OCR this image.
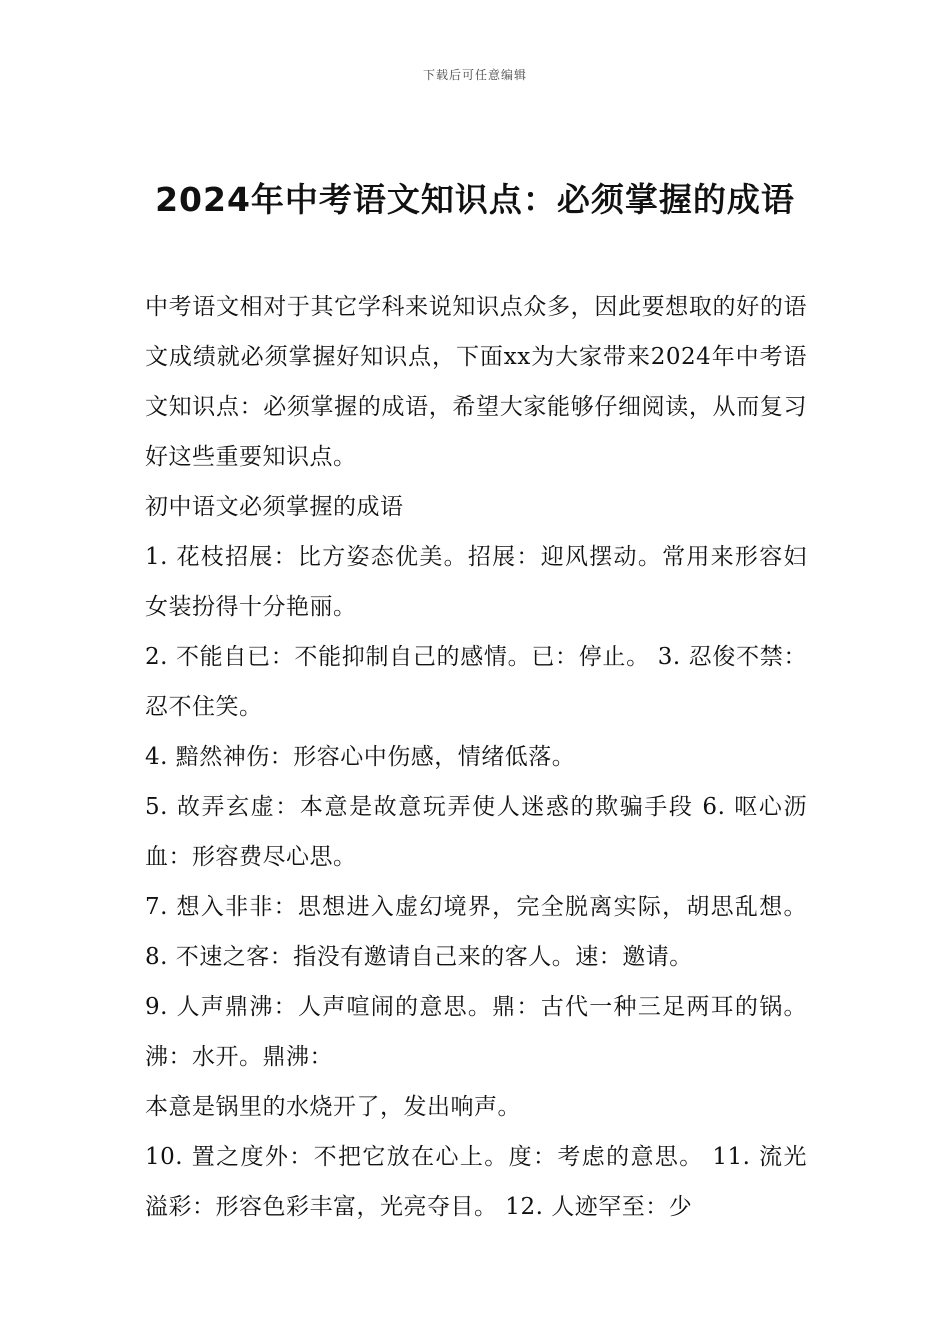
下载后可任意编辑
2024年中考语文知识点：必须掌握的成语

中考语文相对于其它学科来说知识点众多，因此要想取的好的语文成绩就必须掌握好知识点，下面xx为大家带来2024年中考语文知识点：必须掌握的成语，希望大家能够仔细阅读，从而复习好这些重要知识点。

初中语文必须掌握的成语

1. 花枝招展：比方姿态优美。招展：迎风摆动。常用来形容妇女装扮得十分艳丽。

2. 不能自已：不能抑制自己的感情。已：停止。 3. 忍俊不禁：忍不住笑。

4. 黯然神伤：形容心中伤感，情绪低落。

5. 故弄玄虚：本意是故意玩弄使人迷惑的欺骗手段 6. 呕心沥血：形容费尽心思。

7. 想入非非：思想进入虚幻境界，完全脱离实际，胡思乱想。 8. 不速之客：指没有邀请自己来的客人。速：邀请。

9. 人声鼎沸：人声喧闹的意思。鼎：古代一种三足两耳的锅。沸：水开。鼎沸：

本意是锅里的水烧开了，发出响声。

10. 置之度外：不把它放在心上。度：考虑的意思。 11. 流光溢彩：形容色彩丰富，光亮夺目。 12. 人迹罕至：少
